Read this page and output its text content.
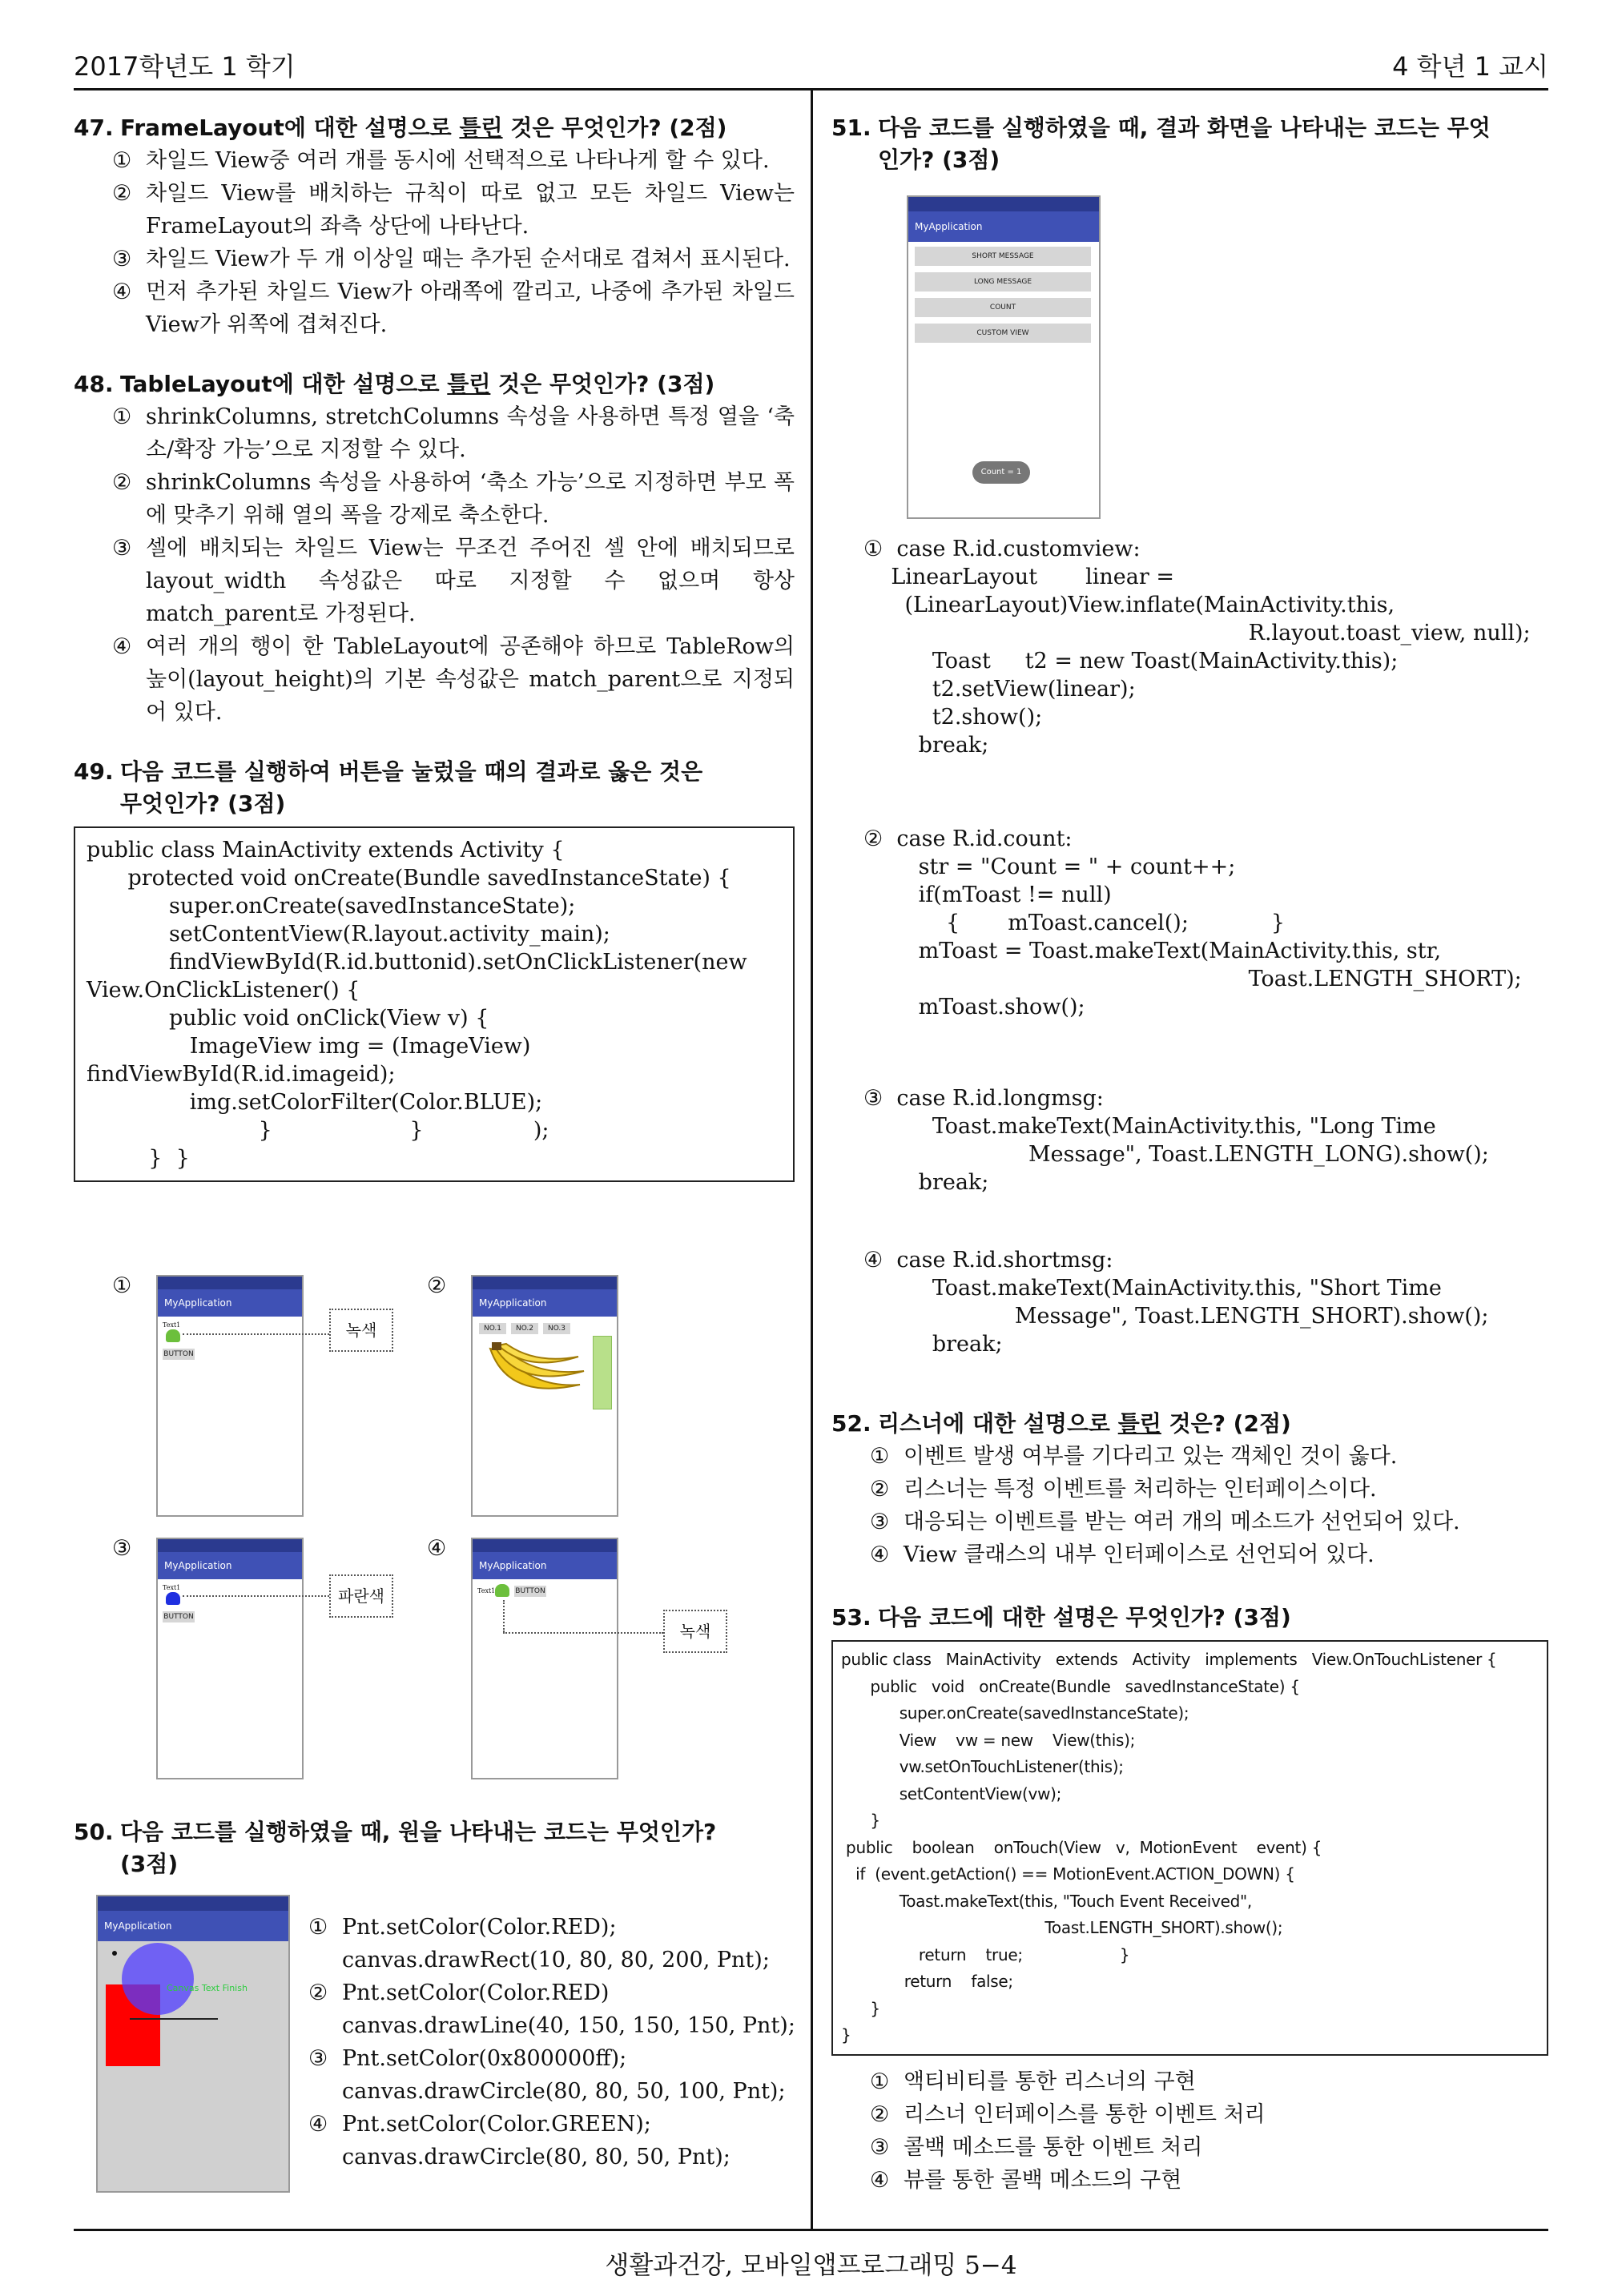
2017학년도 1 학기	4 학년 1 교시
생활과건강, 모바일앱프로그래밍 5−4
47. FrameLayout에 대한 설명으로 틀린 것은 무엇인가? (2점)
① 차일드 View중 여러 개를 동시에 선택적으로 나타나게 할 수 있다.
② 차일드 View를 배치하는 규칙이 따로 없고 모든 차일드 View는 FrameLayout의 좌측 상단에 나타난다.
③ 차일드 View가 두 개 이상일 때는 추가된 순서대로 겹쳐서 표시된다.
④ 먼저 추가된 차일드 View가 아래쪽에 깔리고, 나중에 추가된 차일드 View가 위쪽에 겹쳐진다.
48. TableLayout에 대한 설명으로 틀린 것은 무엇인가? (3점)
① shrinkColumns, stretchColumns 속성을 사용하면 특정 열을 ‘축소/확장 가능’으로 지정할 수 있다.
② shrinkColumns 속성을 사용하여 ‘축소 가능’으로 지정하면 부모 폭에 맞추기 위해 열의 폭을 강제로 축소한다.
③ 셀에 배치되는 차일드 View는 무조건 주어진 셀 안에 배치되므로 layout_width 속성값은 따로 지정할 수 없으며 항상 match_parent로 가정된다.
④ 여러 개의 행이 한 TableLayout에 공존해야 하므로 TableRow의 높이(layout_height)의 기본 속성값은 match_parent으로 지정되어 있다.
49. 다음 코드를 실행하여 버튼을 눌렀을 때의 결과로 옳은 것은
무엇인가? (3점)
public class MainActivity extends Activity {
protected void onCreate(Bundle savedInstanceState) {
super.onCreate(savedInstanceState);
setContentView(R.layout.activity_main);
findViewById(R.id.buttonid).setOnClickListener(new
View.OnClickListener() {
public void onClick(View v) {
ImageView img = (ImageView)
findViewById(R.id.imageid);
img.setColorFilter(Color.BLUE);
}                    }                );
}  }
①	②
③	④
MyApplication
Text1
BUTTON
녹색
MyApplication
NO.1	NO.2	NO.3
MyApplication
Text1
BUTTON
파란색
MyApplication
Text1	BUTTON
녹색
50. 다음 코드를 실행하였을 때, 원을 나타내는 코드는 무엇인가?
(3점)
MyApplication
Canvas Text Finish
① Pnt.setColor(Color.RED);
canvas.drawRect(10, 80, 80, 200, Pnt);
② Pnt.setColor(Color.RED)
canvas.drawLine(40, 150, 150, 150, Pnt);
③ Pnt.setColor(0x800000ff);
canvas.drawCircle(80, 80, 50, 100, Pnt);
④ Pnt.setColor(Color.GREEN);
canvas.drawCircle(80, 80, 50, Pnt);
51. 다음 코드를 실행하였을 때, 결과 화면을 나타내는 코드는 무엇
인가? (3점)
MyApplication
SHORT MESSAGE
LONG MESSAGE
COUNT
CUSTOM VIEW
Count = 1
①  case R.id.customview:
LinearLayout       linear =
(LinearLayout)View.inflate(MainActivity.this,
R.layout.toast_view, null);
Toast     t2 = new Toast(MainActivity.this);
t2.setView(linear);
t2.show();
break;
②  case R.id.count:
str = "Count = " + count++;
if(mToast != null)
{       mToast.cancel();            }
mToast = Toast.makeText(MainActivity.this, str,
Toast.LENGTH_SHORT);
mToast.show();
③  case R.id.longmsg:
Toast.makeText(MainActivity.this, "Long Time
Message", Toast.LENGTH_LONG).show();
break;
④  case R.id.shortmsg:
Toast.makeText(MainActivity.this, "Short Time
Message", Toast.LENGTH_SHORT).show();
break;
52. 리스너에 대한 설명으로 틀린 것은? (2점)
① 이벤트 발생 여부를 기다리고 있는 객체인 것이 옳다.
② 리스너는 특정 이벤트를 처리하는 인터페이스이다.
③ 대응되는 이벤트를 받는 여러 개의 메소드가 선언되어 있다.
④ View 클래스의 내부 인터페이스로 선언되어 있다.
53. 다음 코드에 대한 설명은 무엇인가? (3점)
public class   MainActivity   extends   Activity   implements   View.OnTouchListener {
public   void   onCreate(Bundle   savedInstanceState) {
super.onCreate(savedInstanceState);
View    vw = new    View(this);
vw.setOnTouchListener(this);
setContentView(vw);
}
public    boolean    onTouch(View   v,  MotionEvent    event) {
if  (event.getAction() == MotionEvent.ACTION_DOWN) {
Toast.makeText(this, "Touch Event Received",
Toast.LENGTH_SHORT).show();
return    true;                    }
return    false;
}
}
① 액티비티를 통한 리스너의 구현
② 리스너 인터페이스를 통한 이벤트 처리
③ 콜백 메소드를 통한 이벤트 처리
④ 뷰를 통한 콜백 메소드의 구현
